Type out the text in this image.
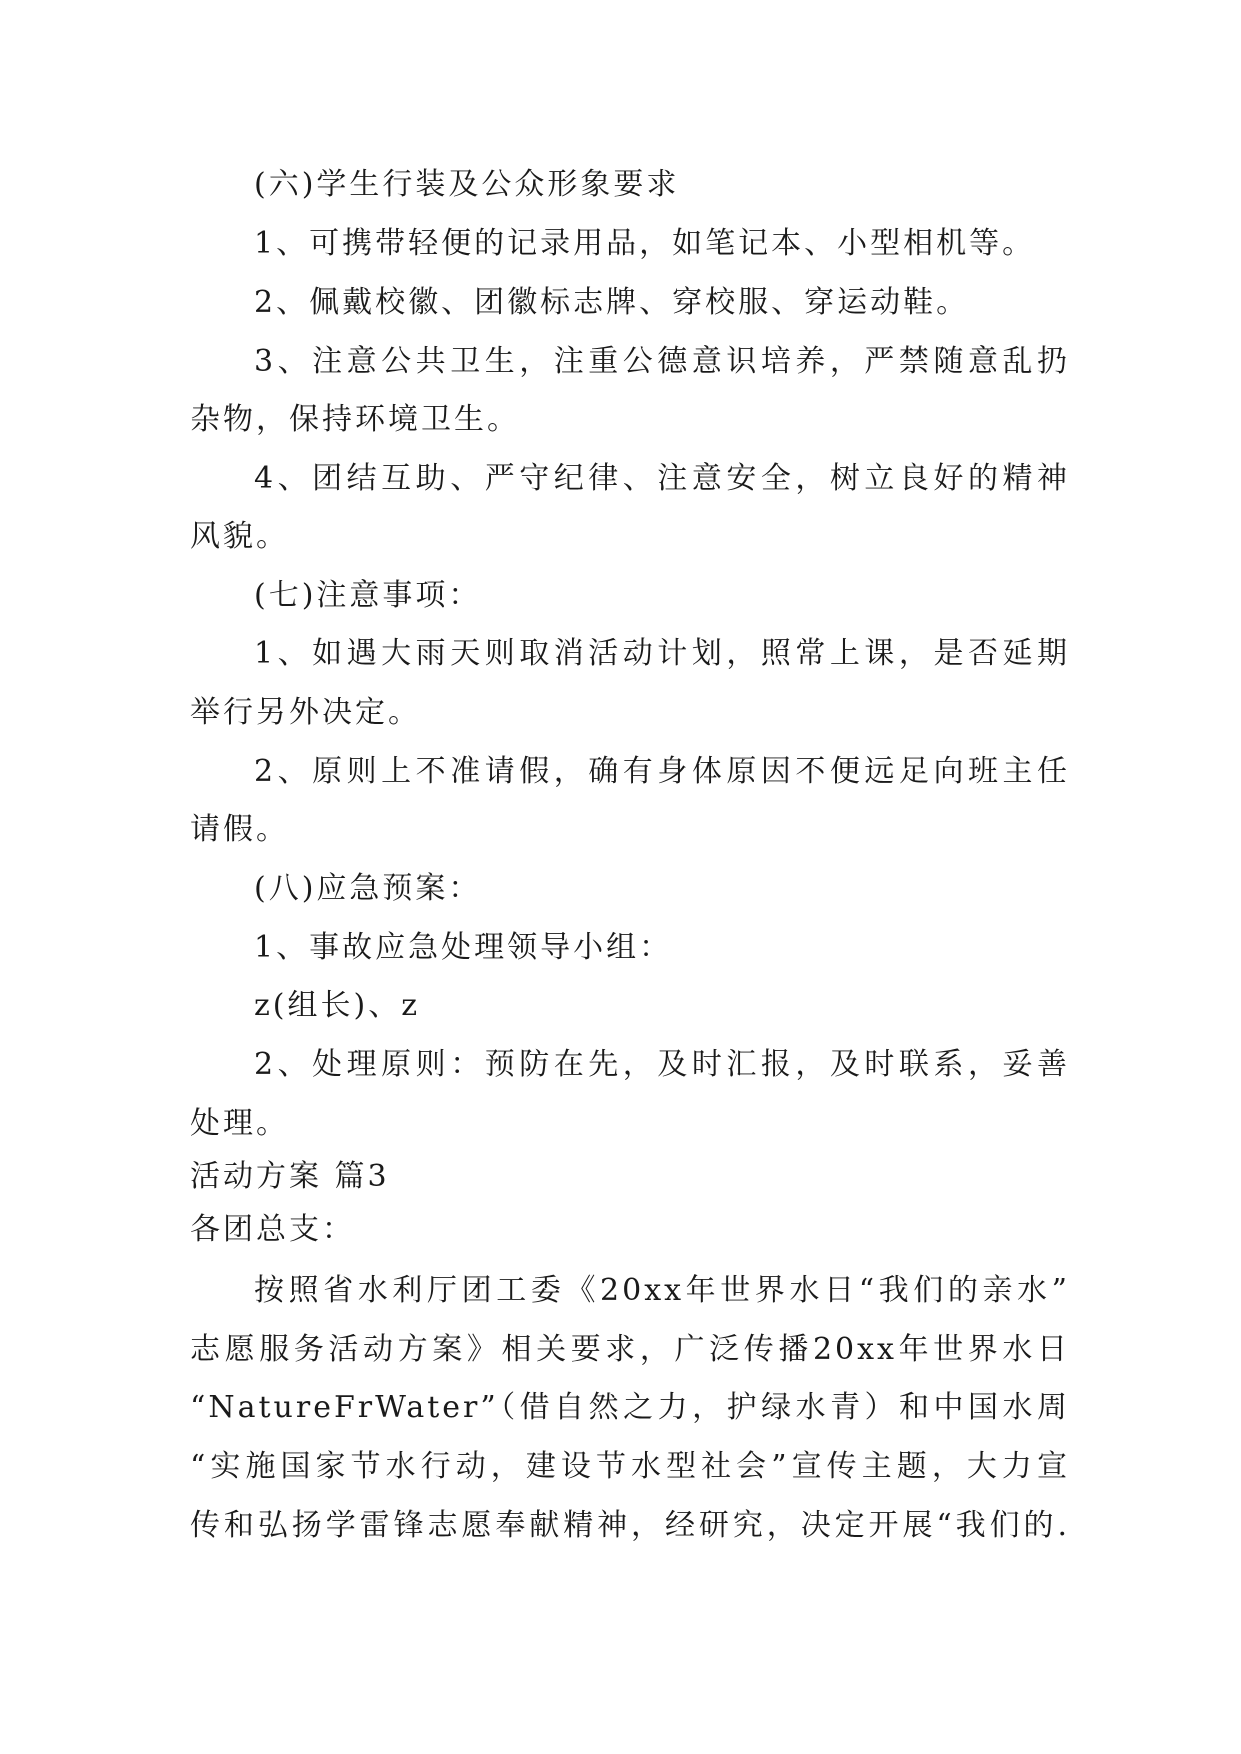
(六)学生行装及公众形象要求

1、可携带轻便的记录用品，如笔记本、小型相机等。

2、佩戴校徽、团徽标志牌、穿校服、穿运动鞋。

3、注意公共卫生，注重公德意识培养，严禁随意乱扔

杂物，保持环境卫生。

4、团结互助、严守纪律、注意安全，树立良好的精神

风貌。

(七)注意事项：

1、如遇大雨天则取消活动计划，照常上课，是否延期

举行另外决定。

2、原则上不准请假，确有身体原因不便远足向班主任

请假。

(八)应急预案：

1、事故应急处理领导小组：

z(组长)、z

2、处理原则：预防在先，及时汇报，及时联系，妥善

处理。

活动方案 篇3

各团总支：

按照省水利厅团工委《20xx年世界水日“我们的亲水”

志愿服务活动方案》相关要求，广泛传播20xx年世界水日

“NatureFrWater”（借自然之力，护绿水青）和中国水周

“实施国家节水行动，建设节水型社会”宣传主题，大力宣

传和弘扬学雷锋志愿奉献精神，经研究，决定开展“我们的.
